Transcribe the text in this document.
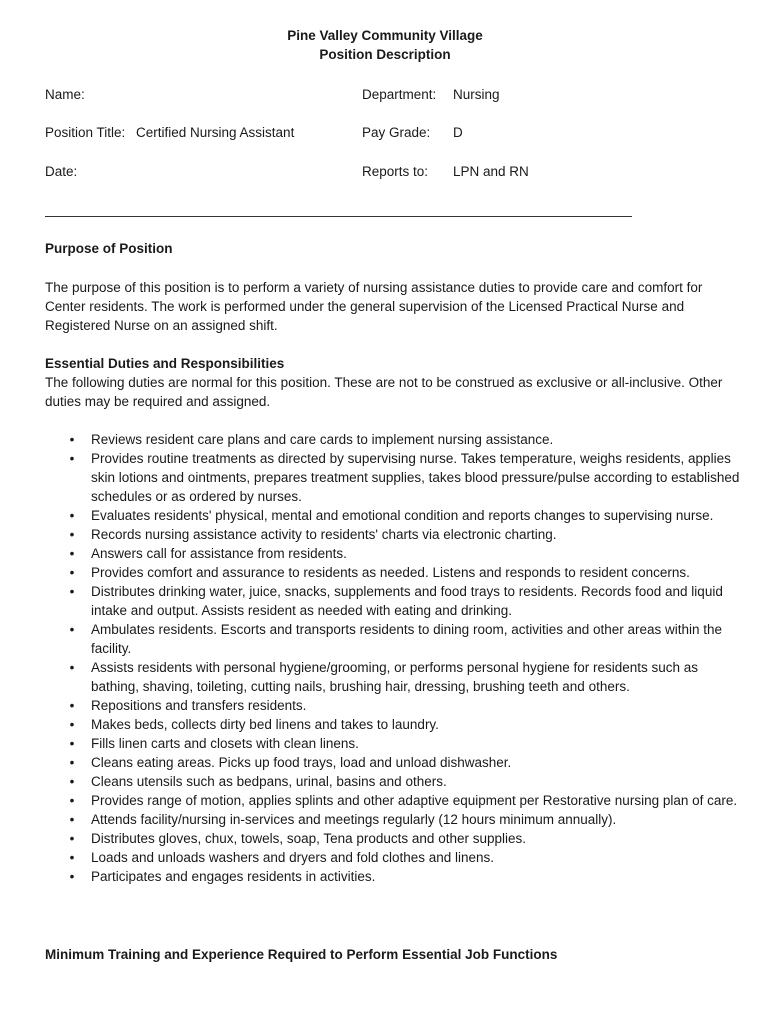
Pine Valley Community Village
Position Description
Name:
Position Title: Certified Nursing Assistant
Date:
Department: Nursing
Pay Grade: D
Reports to: LPN and RN
Purpose of Position
The purpose of this position is to perform a variety of nursing assistance duties to provide care and comfort for Center residents. The work is performed under the general supervision of the Licensed Practical Nurse and Registered Nurse on an assigned shift.
Essential Duties and Responsibilities
The following duties are normal for this position. These are not to be construed as exclusive or all-inclusive. Other duties may be required and assigned.
• Reviews resident care plans and care cards to implement nursing assistance.
• Provides routine treatments as directed by supervising nurse. Takes temperature, weighs residents, applies skin lotions and ointments, prepares treatment supplies, takes blood pressure/pulse according to established schedules or as ordered by nurses.
• Evaluates residents' physical, mental and emotional condition and reports changes to supervising nurse.
• Records nursing assistance activity to residents' charts via electronic charting.
• Answers call for assistance from residents.
• Provides comfort and assurance to residents as needed. Listens and responds to resident concerns.
• Distributes drinking water, juice, snacks, supplements and food trays to residents. Records food and liquid intake and output. Assists resident as needed with eating and drinking.
• Ambulates residents. Escorts and transports residents to dining room, activities and other areas within the facility.
• Assists residents with personal hygiene/grooming, or performs personal hygiene for residents such as bathing, shaving, toileting, cutting nails, brushing hair, dressing, brushing teeth and others.
• Repositions and transfers residents.
• Makes beds, collects dirty bed linens and takes to laundry.
• Fills linen carts and closets with clean linens.
• Cleans eating areas. Picks up food trays, load and unload dishwasher.
• Cleans utensils such as bedpans, urinal, basins and others.
• Provides range of motion, applies splints and other adaptive equipment per Restorative nursing plan of care.
• Attends facility/nursing in-services and meetings regularly (12 hours minimum annually).
• Distributes gloves, chux, towels, soap, Tena products and other supplies.
• Loads and unloads washers and dryers and fold clothes and linens.
• Participates and engages residents in activities.
Minimum Training and Experience Required to Perform Essential Job Functions
